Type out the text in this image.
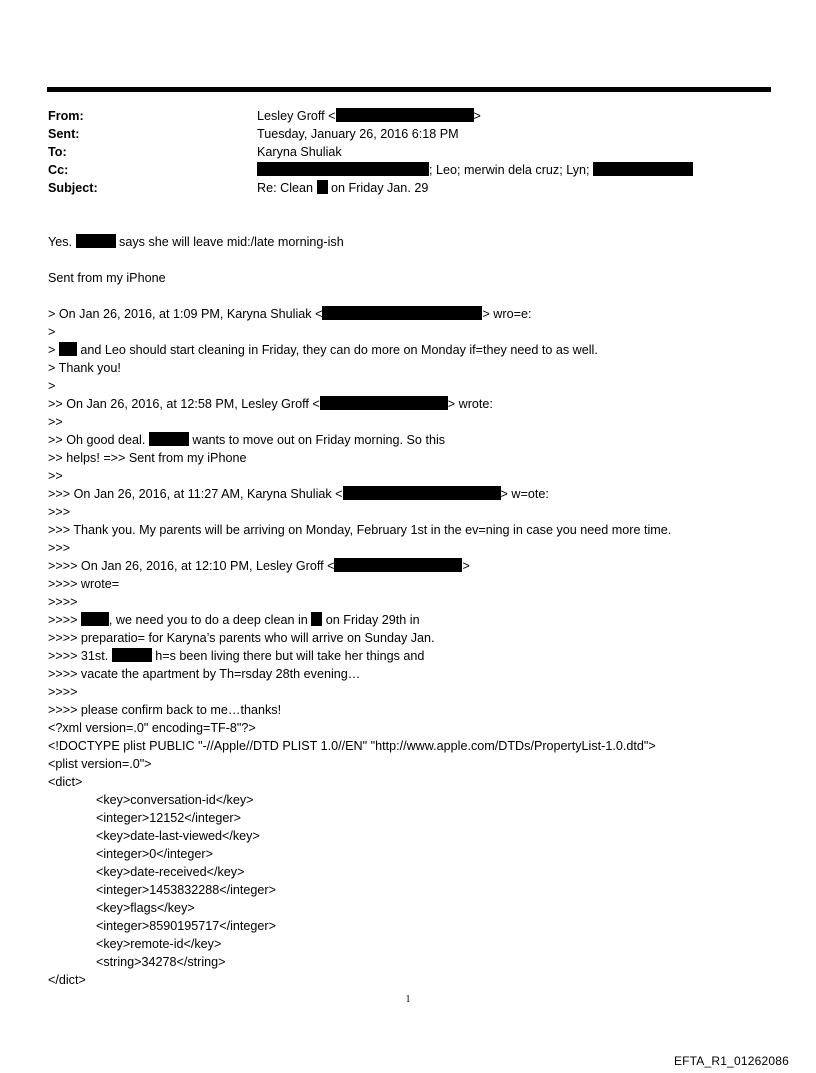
From:	Lesley Groff <	>
Sent:	Tuesday, January 26, 2016 6:18 PM
To:	Karyna Shuliak
Cc:	; Leo; merwin dela cruz; Lyn;
Subject:	Re: Clean on Friday Jan. 29
Yes.	says she will leave mid:/late morning-ish
Sent from my iPhone
> On Jan 26, 2016, at 1:09 PM, Karyna Shuliak <	> wro=e:
>
> and Leo should start cleaning in Friday, they can do more on Monday if=they need to as well.
> Thank you!
>
>> On Jan 26, 2016, at 12:58 PM, Lesley Groff <	> wrote:
>>
>> Oh good deal.	wants to move out on Friday morning. So this
>> helps! =>> Sent from my iPhone
>>
>>> On Jan 26, 2016, at 11:27 AM, Karyna Shuliak <	> w=ote:
>>>
>>> Thank you. My parents will be arriving on Monday, February 1st in the ev=ning in case you need more time.
>>>
>>>> On Jan 26, 2016, at 12:10 PM, Lesley Groff <	>
>>>> wrote=
>>>>
>>>>	, we need you to do a deep clean in on Friday 29th in
>>>> preparatio= for Karyna’s parents who will arrive on Sunday Jan.
>>>> 31st.	h=s been living there but will take her things and
>>>> vacate the apartment by Th=rsday 28th evening…
>>>>
>>>> please confirm back to me…thanks!
<?xml version=.0" encoding=TF-8"?>
<!DOCTYPE plist PUBLIC "-//Apple//DTD PLIST 1.0//EN" "http://www.apple.com/DTDs/PropertyList-1.0.dtd">
<plist version=.0">
<dict>
<key>conversation-id</key>
<integer>12152</integer>
<key>date-last-viewed</key>
<integer>0</integer>
<key>date-received</key>
<integer>1453832288</integer>
<key>flags</key>
<integer>8590195717</integer>
<key>remote-id</key>
<string>34278</string>
</dict>
1
EFTA_R1_01262086
